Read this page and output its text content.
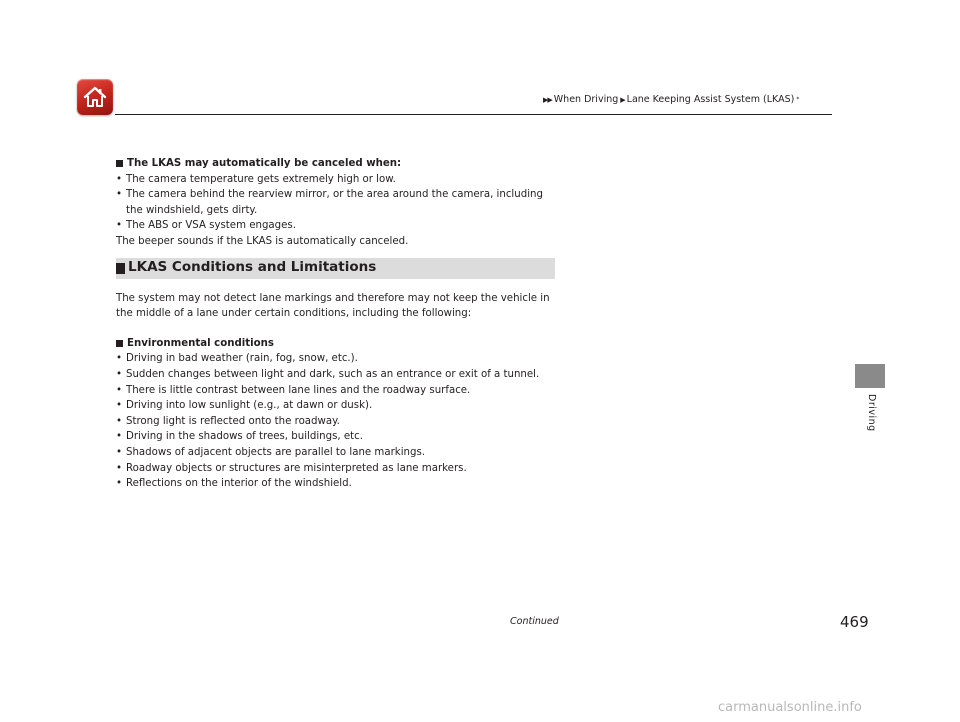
▶▶ When Driving ▶ Lane Keeping Assist System (LKAS) *
The LKAS may automatically be canceled when:
• The camera temperature gets extremely high or low.
• The camera behind the rearview mirror, or the area around the camera, including the windshield, gets dirty.
• The ABS or VSA system engages.
The beeper sounds if the LKAS is automatically canceled.
LKAS Conditions and Limitations
The system may not detect lane markings and therefore may not keep the vehicle in the middle of a lane under certain conditions, including the following:
Environmental conditions
• Driving in bad weather (rain, fog, snow, etc.).
• Sudden changes between light and dark, such as an entrance or exit of a tunnel.
• There is little contrast between lane lines and the roadway surface.
• Driving into low sunlight (e.g., at dawn or dusk).
• Strong light is reflected onto the roadway.
• Driving in the shadows of trees, buildings, etc.
• Shadows of adjacent objects are parallel to lane markings.
• Roadway objects or structures are misinterpreted as lane markers.
• Reflections on the interior of the windshield.
Driving
Continued	469
carmanualsonline.info
